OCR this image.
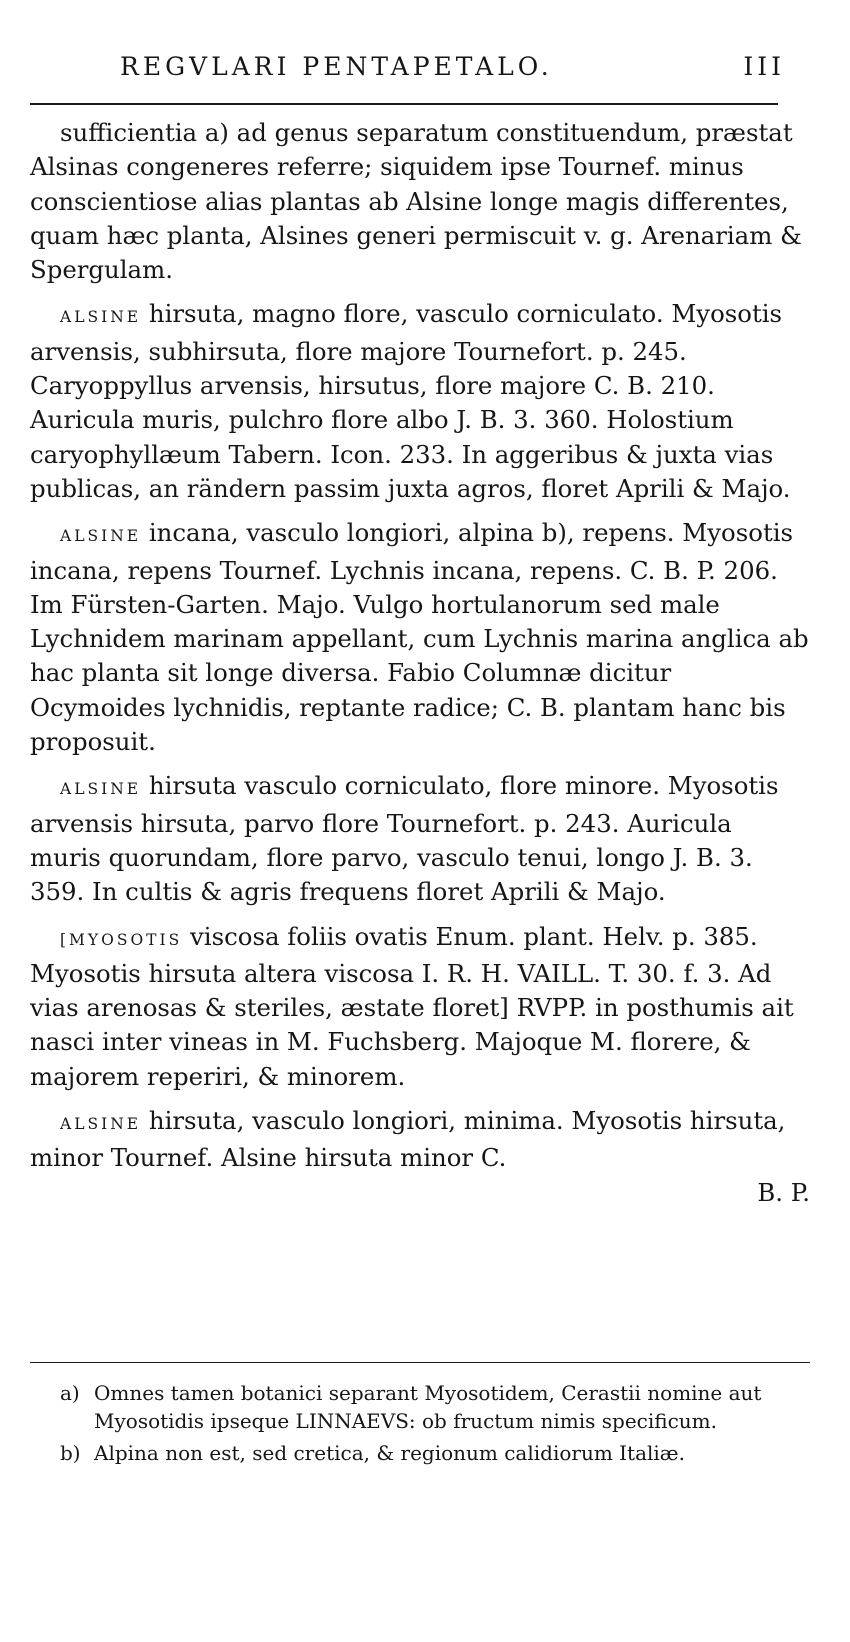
REGVLARI PENTAPETALO.	III

sufficientia a) ad genus separatum constituendum, præstat Alsinas congeneres referre; siquidem ipse Tournef. minus conscientiose alias plantas ab Alsine longe magis differentes, quam hæc planta, Alsines generi permiscuit v. g. Arenariam & Spergulam.

ALSINE hirsuta, magno flore, vasculo corniculato. Myosotis arvensis, subhirsuta, flore majore Tournefort. p. 245. Caryoppyllus arvensis, hirsutus, flore majore C. B. 210. Auricula muris, pulchro flore albo J. B. 3. 360. Holostium caryophyllæum Tabern. Icon. 233. In aggeribus & juxta vias publicas, an rändern passim juxta agros, floret Aprili & Majo.

ALSINE incana, vasculo longiori, alpina b), repens. Myosotis incana, repens Tournef. Lychnis incana, repens. C. B. P. 206. Im Fürsten-Garten. Majo. Vulgo hortulanorum sed male Lychnidem marinam appellant, cum Lychnis marina anglica ab hac planta sit longe diversa. Fabio Columnæ dicitur Ocymoides lychnidis, reptante radice; C. B. plantam hanc bis proposuit.

ALSINE hirsuta vasculo corniculato, flore minore. Myosotis arvensis hirsuta, parvo flore Tournefort. p. 243. Auricula muris quorundam, flore parvo, vasculo tenui, longo J. B. 3. 359. In cultis & agris frequens floret Aprili & Majo.

[MYOSOTIS viscosa foliis ovatis Enum. plant. Helv. p. 385. Myosotis hirsuta altera viscosa I. R. H. VAILL. T. 30. f. 3. Ad vias arenosas & steriles, æstate floret] RVPP. in posthumis ait nasci inter vineas in M. Fuchsberg. Majoque M. florere, & majorem reperiri, & minorem.

ALSINE hirsuta, vasculo longiori, minima. Myosotis hirsuta, minor Tournef. Alsine hirsuta minor C.

B. P.

a) Omnes tamen botanici separant Myosotidem, Cerastii nomine aut Myosotidis ipseque LINNAEVS: ob fructum nimis specificum.
b) Alpina non est, sed cretica, & regionum calidiorum Italiæ.
